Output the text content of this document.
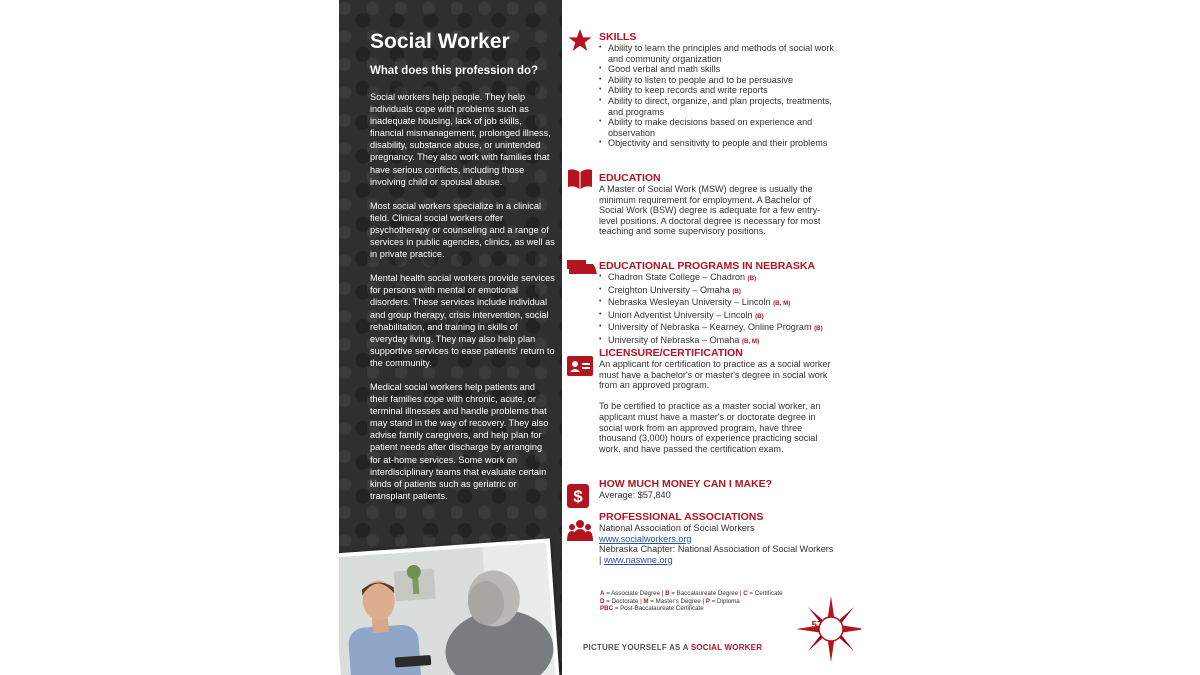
Social Worker
What does this profession do?

Social workers help people. They help individuals cope with problems such as inadequate housing, lack of job skills, financial mismanagement, prolonged illness, disability, substance abuse, or unintended pregnancy. They also work with families that have serious conflicts, including those involving child or spousal abuse.

Most social workers specialize in a clinical field. Clinical social workers offer psychotherapy or counseling and a range of services in public agencies, clinics, as well as in private practice.

Mental health social workers provide services for persons with mental or emotional disorders. These services include individual and group therapy, crisis intervention, social rehabilitation, and training in skills of everyday living. They may also help plan supportive services to ease patients' return to the community.

Medical social workers help patients and their families cope with chronic, acute, or terminal illnesses and handle problems that may stand in the way of recovery. They also advise family caregivers, and help plan for patient needs after discharge by arranging for at-home services. Some work on interdisciplinary teams that evaluate certain kinds of patients such as geriatric or transplant patients.

SKILLS
• Ability to learn the principles and methods of social work and community organization
• Good verbal and math skills
• Ability to listen to people and to be persuasive
• Ability to keep records and write reports
• Ability to direct, organize, and plan projects, treatments, and programs
• Ability to make decisions based on experience and observation
• Objectivity and sensitivity to people and their problems
EDUCATION
A Master of Social Work (MSW) degree is usually the minimum requirement for employment. A Bachelor of Social Work (BSW) degree is adequate for a few entry-level positions. A doctoral degree is necessary for most teaching and some supervisory positions.
EDUCATIONAL PROGRAMS IN NEBRASKA
• Chadron State College – Chadron (B)
• Creighton University – Omaha (B)
• Nebraska Wesleyan University – Lincoln (B, M)
• Union Adventist University – Lincoln (B)
• University of Nebraska – Kearney, Online Program (B)
• University of Nebraska – Omaha (B, M)
LICENSURE/CERTIFICATION
An applicant for certification to practice as a social worker must have a bachelor's or master's degree in social work from an approved program.
To be certified to practice as a master social worker, an applicant must have a master's or doctorate degree in social work from an approved program, have three thousand (3,000) hours of experience practicing social work, and have passed the certification exam.
$
HOW MUCH MONEY CAN I MAKE?
Average: $57,840
PROFESSIONAL ASSOCIATIONS
National Association of Social Workers
www.socialworkers.org
Nebraska Chapter: National Association of Social Workers | www.naswne.org
A = Associate Degree | B = Baccalaureate Degree | C = Certificate
D = Doctorate | M = Master's Degree | P = Diploma
PBC = Post-Baccalaureate Certificate
PICTURE YOURSELF AS A SOCIAL WORKER
57
